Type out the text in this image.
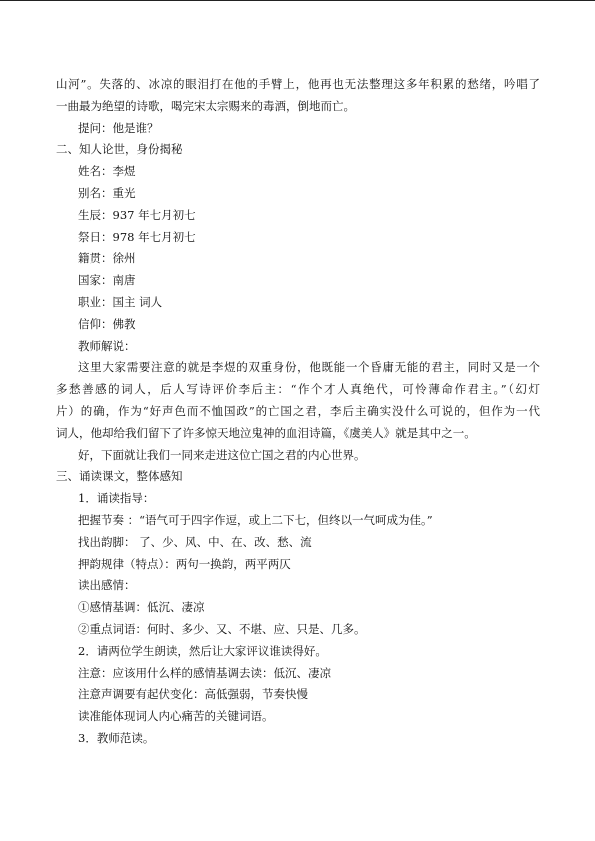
山河”。失落的、冰凉的眼泪打在他的手臂上，他再也无法整理这多年积累的愁绪，吟唱了
一曲最为绝望的诗歌，喝完宋太宗赐来的毒酒，倒地而亡。
提问：他是谁？
二、知人论世，身份揭秘
姓名：李煜
别名：重光
生辰：937 年七月初七
祭日：978 年七月初七
籍贯：徐州
国家：南唐
职业：国主 词人
信仰：佛教
教师解说：
这里大家需要注意的就是李煜的双重身份，他既能一个昏庸无能的君主，同时又是一个
多愁善感的词人，后人写诗评价李后主：“作个才人真绝代，可怜薄命作君主。”（幻灯
片）的确，作为“好声色而不恤国政”的亡国之君，李后主确实没什么可说的，但作为一代
词人，他却给我们留下了许多惊天地泣鬼神的血泪诗篇，《虞美人》就是其中之一。
好，下面就让我们一同来走进这位亡国之君的内心世界。
三、诵读课文，整体感知
1．诵读指导：
把握节奏 ：“语气可于四字作逗，或上二下七，但终以一气呵成为佳。”
找出韵脚： 了、少、风、中、在、改、愁、流
押韵规律（特点）：两句一换韵，两平两仄
读出感情：
①感情基调：低沉、凄凉
②重点词语：何时、多少、又、不堪、应、只是、几多。
2．请两位学生朗读，然后让大家评议谁读得好。
注意：应该用什么样的感情基调去读：低沉、凄凉
注意声调要有起伏变化：高低强弱，节奏快慢
读准能体现词人内心痛苦的关键词语。
3．教师范读。
